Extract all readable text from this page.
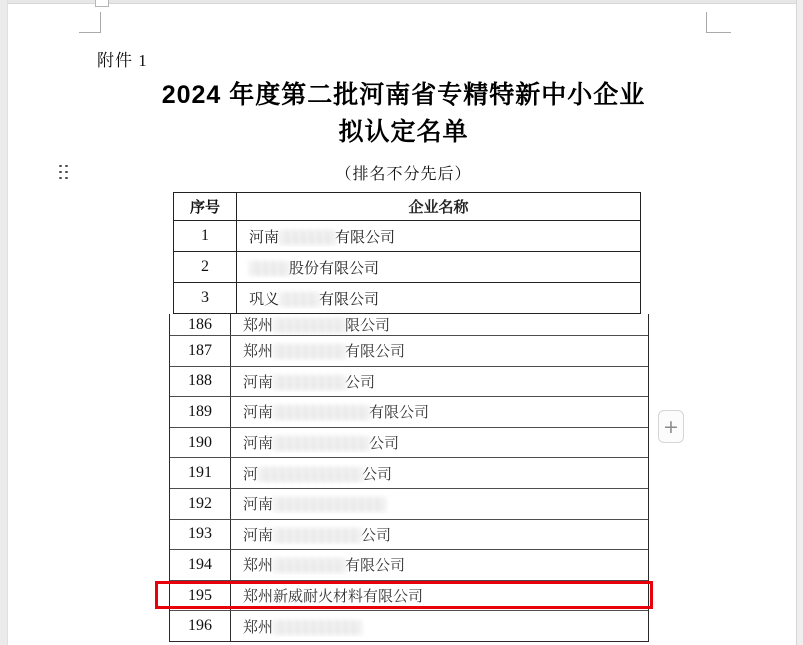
附件 1
2024 年度第二批河南省专精特新中小企业
拟认定名单
（排名不分先后）
序号	企业名称
1	河南░░░░░░░有限公司
2	░░░░░股份有限公司
3	巩义░░░░░有限公司
186	郑州░░░░░░░░░限公司
187	郑州░░░░░░░░░有限公司
188	河南░░░░░░░░░公司
189	河南░░░░░░░░░░░░有限公司
190	河南░░░░░░░░░░░░公司
191	河░░░░░░░░░░░░░公司
192	河南░░░░░░░░░░░░░░
193	河南░░░░░░░░░░░公司
194	郑州░░░░░░░░░有限公司
195	郑州新威耐火材料有限公司
196	郑州░░░░░░░░░░░
+
